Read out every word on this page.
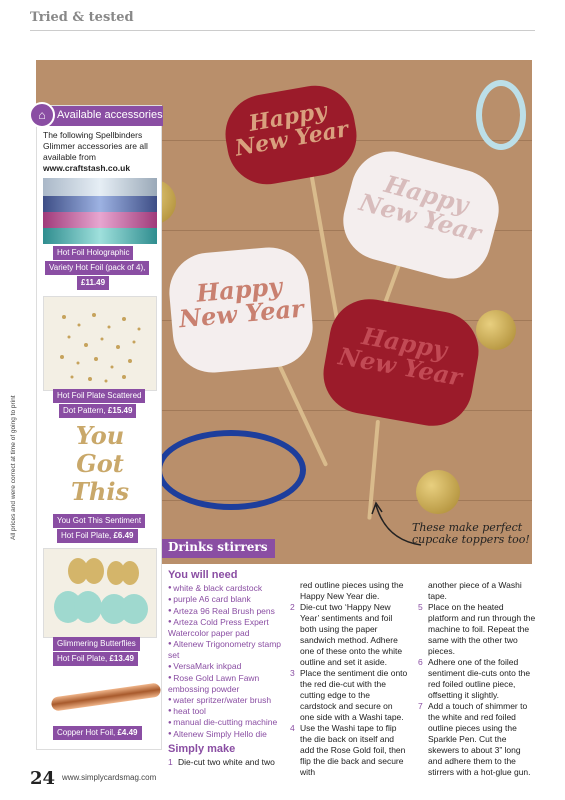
Tried & tested
Happy New Year
Happy New Year
Happy New Year
Happy New Year
These make perfect
cupcake toppers too!
Available accessories
⌂
The following Spellbinders Glimmer accessories are all available from www.craftstash.co.uk
Hot Foil Holographic
Variety Hot Foil (pack of 4),
£11.49
Hot Foil Plate Scattered
Dot Pattern, £15.49
You
Got
This
You Got This Sentiment
Hot Foil Plate, £6.49
Glimmering Butterflies
Hot Foil Plate, £13.49
Copper Hot Foil, £4.49
All prices and were correct at time of going to print
Drinks stirrers
You will need
● white & black cardstock
● purple A6 card blank
● Arteza 96 Real Brush pens
● Arteza Cold Press Expert Watercolor paper pad
● Altenew Trigonometry stamp set
● VersaMark inkpad
● Rose Gold Lawn Fawn embossing powder
● water spritzer/water brush
● heat tool
● manual die-cutting machine
● Altenew Simply Hello die
Simply make
1 Die-cut two white and two
red outline pieces using the Happy New Year die.
2 Die-cut two ‘Happy New Year’ sentiments and foil both using the paper sandwich method. Adhere one of these onto the white outline and set it aside.
3 Place the sentiment die onto the red die-cut with the cutting edge to the cardstock and secure on one side with a Washi tape.
4 Use the Washi tape to flip the die back on itself and add the Rose Gold foil, then flip the die back and secure with
another piece of a Washi tape.
5 Place on the heated platform and run through the machine to foil. Repeat the same with the other two pieces.
6 Adhere one of the foiled sentiment die-cuts onto the red foiled outline piece, offsetting it slightly.
7 Add a touch of shimmer to the white and red foiled outline pieces using the Sparkle Pen. Cut the skewers to about 3” long and adhere them to the stirrers with a hot-glue gun.
24 www.simplycardsmag.com
